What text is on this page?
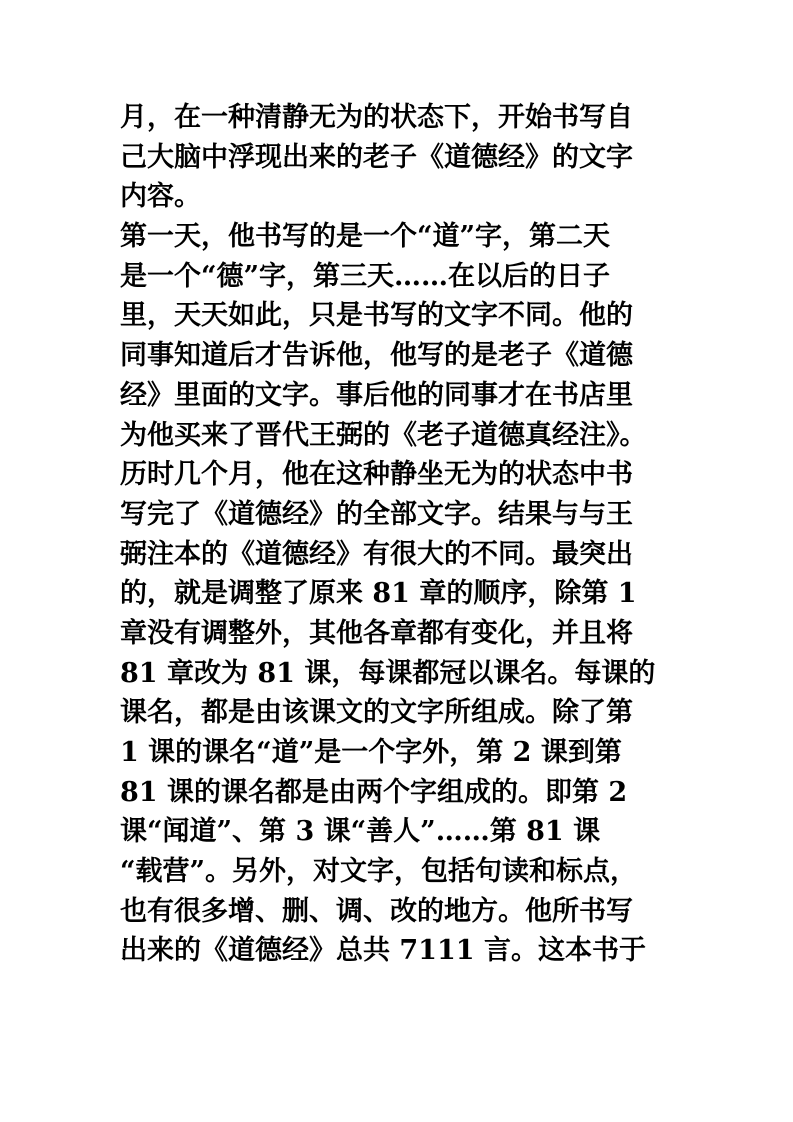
月，在一种清静无为的状态下，开始书写自
己大脑中浮现出来的老子《道德经》的文字
内容。
第一天，他书写的是一个“道”字，第二天
是一个“德”字，第三天……在以后的日子
里，天天如此，只是书写的文字不同。他的
同事知道后才告诉他，他写的是老子《道德
经》里面的文字。事后他的同事才在书店里
为他买来了晋代王弼的《老子道德真经注》。
历时几个月，他在这种静坐无为的状态中书
写完了《道德经》的全部文字。结果与与王
弼注本的《道德经》有很大的不同。最突出
的，就是调整了原来 81 章的顺序，除第 1
章没有调整外，其他各章都有变化，并且将
81 章改为 81 课，每课都冠以课名。每课的
课名，都是由该课文的文字所组成。除了第
1 课的课名“道”是一个字外，第 2 课到第
81 课的课名都是由两个字组成的。即第 2
课“闻道”、第 3 课“善人”……第 81 课
“载营”。另外，对文字，包括句读和标点，
也有很多增、删、调、改的地方。他所书写
出来的《道德经》总共 7111 言。这本书于
